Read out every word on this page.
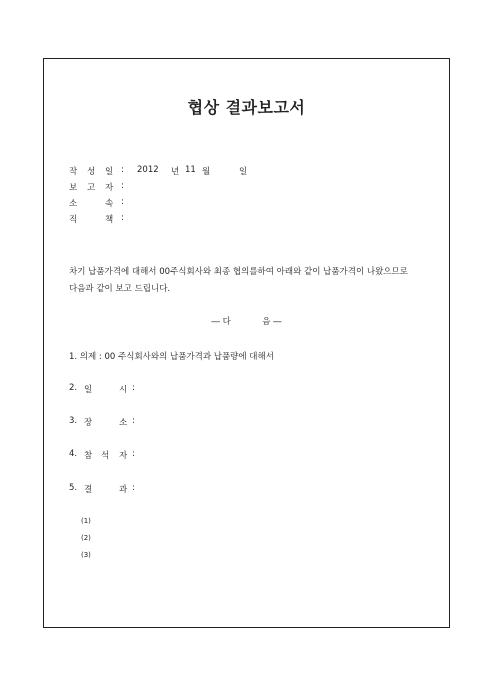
협상 결과보고서
작 성 일 : 2012 년 11 월	일
보 고 자 :
소	속 :
직	책 :
차기 납품가격에 대해서 00주식회사와 최종 협의를하여 아래와 같이 납품가격이 나왔으므로
다음과 같이 보고 드립니다.
― 다	음 ―
1. 의제 : 00 주식회사와의 납품가격과 납품량에 대해서
2. 일	시 :
3. 장	소 :
4. 참 석 자 :
5. 결	과 :
(1)
(2)
(3)
